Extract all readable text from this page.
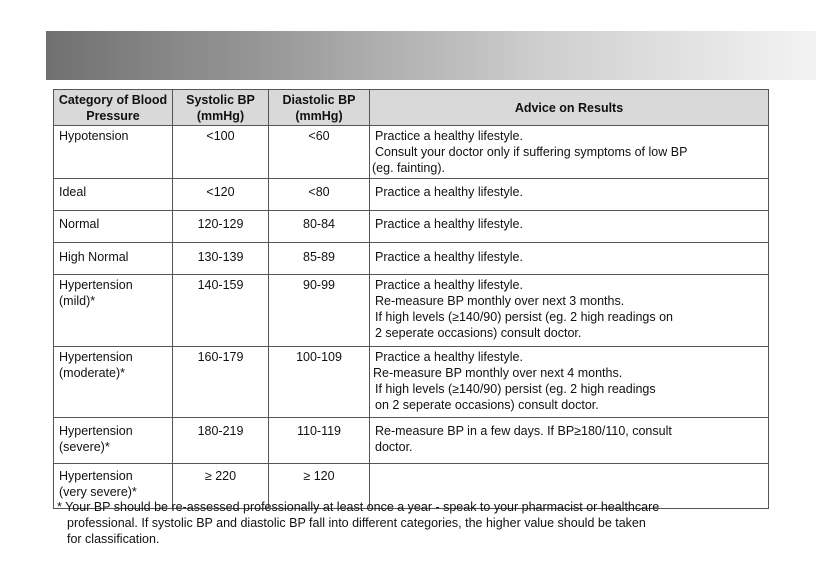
Category of Blood Pressure	Systolic BP (mmHg)	Diastolic BP (mmHg)	Advice on Results

Hypotension	<100	<60	Practice a healthy lifestyle.
Consult your doctor only if suffering symptoms of low BP
(eg. fainting).

Ideal	<120	<80	Practice a healthy lifestyle.

Normal	120-129	80-84	Practice a healthy lifestyle.

High Normal	130-139	85-89	Practice a healthy lifestyle.

Hypertension
(mild)*	140-159	90-99	Practice a healthy lifestyle.
Re-measure BP monthly over next 3 months.
If high levels (≥140/90) persist (eg. 2 high readings on
2 seperate occasions) consult doctor.

Hypertension
(moderate)*	160-179	100-109	Practice a healthy lifestyle.
Re-measure BP monthly over next 4 months.
If high levels (≥140/90) persist (eg. 2 high readings
on 2 seperate occasions) consult doctor.

Hypertension
(severe)*	180-219	110-119	Re-measure BP in a few days. If BP≥180/110, consult
doctor.

Hypertension
(very severe)*	≥ 220	≥ 120	
* Your BP should be re-assessed professionally at least once a year - speak to your pharmacist or healthcare
professional. If systolic BP and diastolic BP fall into different categories, the higher value should be taken
for classification.
